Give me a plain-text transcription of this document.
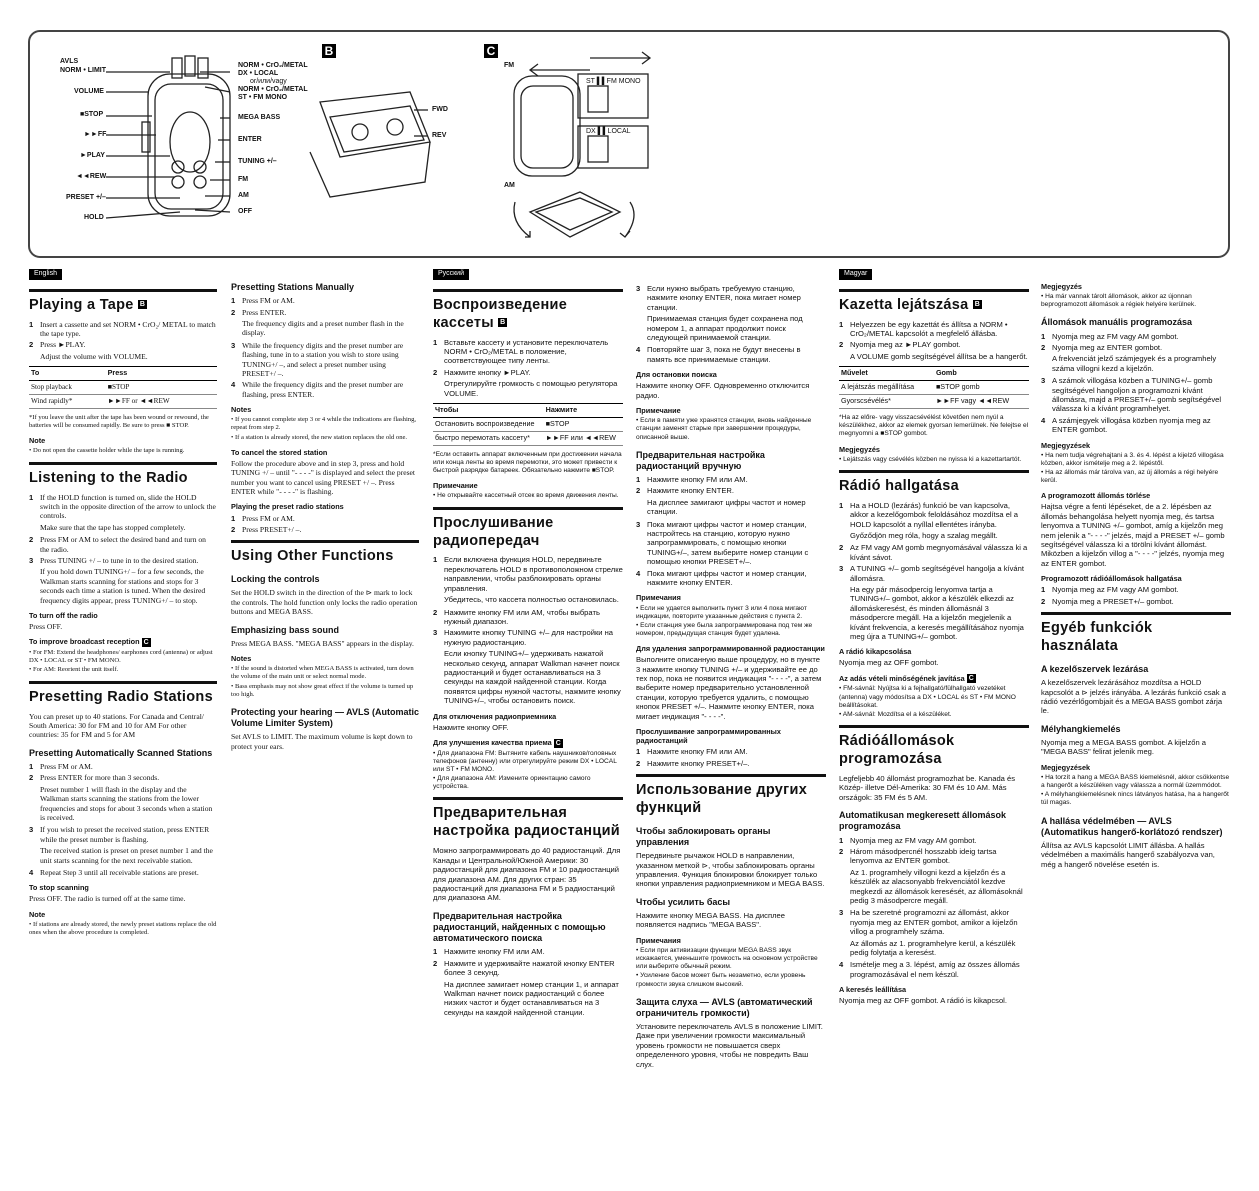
B	C
AVLS
NORM • LIMIT
VOLUME
■STOP
►►FF
►PLAY
◄◄REW
PRESET +/–
HOLD
NORM • CrO₂/METAL
DX • LOCAL
or/или/vagy
NORM • CrO₂/METAL
ST • FM MONO
MEGA BASS
ENTER
TUNING +/–
FM
AM
OFF
FWD
REV
FM
AM
ST ▌▌FM MONO
DX ▌▌LOCAL
English
Playing a Tape B
1 Insert a cassette and set NORM • CrO₂/ METAL to match the tape type.
2 Press ►PLAY.
Adjust the volume with VOLUME.
To	Press
Stop playback	■STOP
Wind rapidly*	►►FF or ◄◄REW
*If you leave the unit after the tape has been wound or rewound, the batteries will be consumed rapidly. Be sure to press ■ STOP.
Note
• Do not open the cassette holder while the tape is running.
Listening to the Radio
1 If the HOLD function is turned on, slide the HOLD switch in the opposite direction of the arrow to unlock the controls.
Make sure that the tape has stopped completely.
2 Press FM or AM to select the desired band and turn on the radio.
3 Press TUNING +/ – to tune in to the desired station.
If you hold down TUNING+/ – for a few seconds, the Walkman starts scanning for stations and stops for 3 seconds each time a station is tuned. When the desired frequency digits appear, press TUNING+/ – to stop.
To turn off the radio
Press OFF.
To improve broadcast reception C
• For FM: Extend the headphones/ earphones cord (antenna) or adjust DX • LOCAL or ST • FM MONO.
• For AM: Reorient the unit itself.
Presetting Radio Stations
You can preset up to 40 stations. For Canada and Central/ South America: 30 for FM and 10 for AM For other countries: 35 for FM and 5 for AM
Presetting Automatically Scanned Stations
1 Press FM or AM.
2 Press ENTER for more than 3 seconds.
Preset number 1 will flash in the display and the Walkman starts scanning the stations from the lower frequencies and stops for about 3 seconds when a station is received.
3 If you wish to preset the received station, press ENTER while the preset number is flashing.
The received station is preset on preset number 1 and the unit starts scanning for the next receivable station.
4 Repeat Step 3 until all receivable stations are preset.
To stop scanning
Press OFF. The radio is turned off at the same time.
Note
• If stations are already stored, the newly preset stations replace the old ones when the above procedure is completed.
Presetting Stations Manually
1 Press FM or AM.
2 Press ENTER.
The frequency digits and a preset number flash in the display.
3 While the frequency digits and the preset number are flashing, tune in to a station you wish to store using TUNING+/ –, and select a preset number using PRESET+/ –.
4 While the frequency digits and the preset number are flashing, press ENTER.
Notes
• If you cannot complete step 3 or 4 while the indications are flashing, repeat from step 2.
• If a station is already stored, the new station replaces the old one.
To cancel the stored station
Follow the procedure above and in step 3, press and hold TUNING +/ – until "- - - -" is displayed and select the preset number you want to cancel using PRESET +/ –. Press ENTER while "- - - -" is flashing.
Playing the preset radio stations
1 Press FM or AM.
2 Press PRESET+/ –.
Using Other Functions
Locking the controls
Set the HOLD switch in the direction of the ⊳ mark to lock the controls. The hold function only locks the radio operation buttons and MEGA BASS.
Emphasizing bass sound
Press MEGA BASS. "MEGA BASS" appears in the display.
Notes
• If the sound is distorted when MEGA BASS is activated, turn down the volume of the main unit or select normal mode.
• Bass emphasis may not show great effect if the volume is turned up too high.
Protecting your hearing — AVLS (Automatic Volume Limiter System)
Set AVLS to LIMIT. The maximum volume is kept down to protect your ears.
Русский
Воспроизведение кассеты B
1 Вставьте кассету и установите переключатель NORM • CrO₂/METAL в положение, соответствующее типу ленты.
2 Нажмите кнопку ►PLAY.
Отрегулируйте громкость с помощью регулятора VOLUME.
Чтобы	Нажмите
Остановить воспроизведение	■STOP
быстро перемотать кассету*	►►FF или ◄◄REW
*Если оставить аппарат включенным при достижении начала или конца ленты во время перемотки, это может привести к быстрой разрядке батареек. Обязательно нажмите ■STOP.
Примечание
• Не открывайте кассетный отсек во время движения ленты.
Прослушивание радиопередач
1 Если включена функция HOLD, передвиньте переключатель HOLD в противоположном стрелке направлении, чтобы разблокировать органы управления.
Убедитесь, что кассета полностью остановилась.
2 Нажмите кнопку FM или AM, чтобы выбрать нужный диапазон.
3 Нажимите кнопку TUNING +/– для настройки на нужную радиостанцию.
Если кнопку TUNING+/– удерживать нажатой несколько секунд, аппарат Walkman начнет поиск радиостанций и будет останавливаться на 3 секунды на каждой найденной станции. Когда появятся цифры нужной частоты, нажмите кнопку TUNING+/–, чтобы остановить поиск.
Для отключения радиоприемника
Нажмите кнопку OFF.
Для улучшения качества приема C
• Для диапазона FM: Вытяните кабель наушников/головных телефонов (антенну) или отрегулируйте режим DX • LOCAL или ST • FM MONO.
• Для диапазона AM: Измените ориентацию самого устройства.
Предварительная настройка радиостанций
Можно запрограммировать до 40 радиостанций. Для Канады и Центральной/Южной Америки: 30 радиостанций для диапазона FM и 10 радиостанций для диапазона AM. Для других стран: 35 радиостанций для диапазона FM и 5 радиостанций для диапазона AM.
Предварительная настройка радиостанций, найденных с помощью автоматического поиска
1 Нажмите кнопку FM или AM.
2 Нажмите и удерживайте нажатой кнопку ENTER более 3 секунд.
На дисплее замигает номер станции 1, и аппарат Walkman начнет поиск радиостанций с более низких частот и будет останавливаться на 3 секунды на каждой найденной станции.
3 Если нужно выбрать требуемую станцию, нажмите кнопку ENTER, пока мигает номер станции.
Принимаемая станция будет сохранена под номером 1, а аппарат продолжит поиск следующей принимаемой станции.
4 Повторяйте шаг 3, пока не будут внесены в память все принимаемые станции.
Для остановки поиска
Нажмите кнопку OFF. Одновременно отключится радио.
Примечание
• Если в памяти уже хранятся станции, вновь найденные станции заменят старые при завершении процедуры, описанной выше.
Предварительная настройка радиостанций вручную
1 Нажмите кнопку FM или AM.
2 Нажмите кнопку ENTER.
На дисплее замигают цифры частот и номер станции.
3 Пока мигают цифры частот и номер станции, настройтесь на станцию, которую нужно запрограммировать, с помощью кнопки TUNING+/–, затем выберите номер станции с помощью кнопки PRESET+/–.
4 Пока мигают цифры частот и номер станции, нажмите кнопку ENTER.
Примечания
• Если не удается выполнить пункт 3 или 4 пока мигают индикации, повторите указанные действия с пункта 2.
• Если станция уже была запрограммирована под тем же номером, предыдущая станция будет удалена.
Для удаления запрограммированной радиостанции
Выполните описанную выше процедуру, но в пункте 3 нажмите кнопку TUNING +/– и удерживайте ее до тех пор, пока не появится индикация "- - - -", а затем выберите номер предварительно установленной станции, которую требуется удалить, с помощью кнопок PRESET +/–. Нажмите кнопку ENTER, пока мигает индикация "- - - -".
Прослушивание запрограммированных радиостанций
1 Нажмите кнопку FM или AM.
2 Нажмите кнопку PRESET+/–.
Использование других функций
Чтобы заблокировать органы управления
Передвиньте рычажок HOLD в направлении, указанном меткой ⊳, чтобы заблокировать органы управления. Функция блокировки блокирует только кнопки управления радиоприемником и MEGA BASS.
Чтобы усилить басы
Нажмите кнопку MEGA BASS. На дисплее появляется надпись "MEGA BASS".
Примечания
• Если при активизации функции MEGA BASS звук искажается, уменьшите громкость на основном устройстве или выберите обычный режим.
• Усиление басов может быть незаметно, если уровень громкости звука слишком высокий.
Защита слуха — AVLS (автоматический ограничитель громкости)
Установите переключатель AVLS в положение LIMIT. Даже при увеличении громкости максимальный уровень громкости не повышается сверх определенного уровня, чтобы не повредить Ваш слух.
Magyar
Kazetta lejátszása B
1 Helyezzen be egy kazettát és állítsa a NORM • CrO₂/METAL kapcsolót a megfelelő állásba.
2 Nyomja meg az ►PLAY gombot.
A VOLUME gomb segítségével állítsa be a hangerőt.
Művelet	Gomb
A lejátszás megállítása	■STOP gomb
Gyorscsévélés*	►►FF vagy ◄◄REW
*Ha az előre- vagy visszacsévélést követően nem nyúl a készülékhez, akkor az elemek gyorsan lemerülnek. Ne felejtse el megnyomni a ■STOP gombot.
Megjegyzés
• Lejátszás vagy csévélés közben ne nyissa ki a kazettartartót.
Rádió hallgatása
1 Ha a HOLD (lezárás) funkció be van kapcsolva, akkor a kezelőgombok feloldásához mozdítsa el a HOLD kapcsolót a nyíllal ellentétes irányba.
Győződjön meg róla, hogy a szalag megállt.
2 Az FM vagy AM gomb megnyomásával válassza ki a kívánt sávot.
3 A TUNING +/– gomb segítségével hangolja a kívánt állomásra.
Ha egy pár másodpercig lenyomva tartja a TUNING+/– gombot, akkor a készülék elkezdi az állomáskeresést, és minden állomásnál 3 másodpercre megáll. Ha a kijelzőn megjelenik a kívánt frekvencia, a keresés megállításához nyomja meg újra a TUNING+/– gombot.
A rádió kikapcsolása
Nyomja meg az OFF gombot.
Az adás vételi minőségének javítása C
• FM-sávnál: Nyújtsa ki a fejhallgató/fülhallgató vezetéket (antenna) vagy módosítsa a DX • LOCAL és ST • FM MONO beállításokat.
• AM-sávnál: Mozdítsa el a készüléket.
Rádióállomások programozása
Legfeljebb 40 állomást programozhat be. Kanada és Közép- illetve Dél-Amerika: 30 FM és 10 AM. Más országok: 35 FM és 5 AM.
Automatikusan megkeresett állomások programozása
1 Nyomja meg az FM vagy AM gombot.
2 Három másodpercnél hosszabb ideig tartsa lenyomva az ENTER gombot.
Az 1. programhely villogni kezd a kijelzőn és a készülék az alacsonyabb frekvenciától kezdve megkezdi az állomások keresését, az állomásoknál pedig 3 másodpercre megáll.
3 Ha be szeretné programozni az állomást, akkor nyomja meg az ENTER gombot, amikor a kijelzőn villog a programhely száma.
Az állomás az 1. programhelyre kerül, a készülék pedig folytatja a keresést.
4 Ismételje meg a 3. lépést, amíg az összes állomás programozásával el nem készül.
A keresés leállítása
Nyomja meg az OFF gombot. A rádió is kikapcsol.
Megjegyzés
• Ha már vannak tárolt állomások, akkor az újonnan beprogramozott állomások a régiek helyére kerülnek.
Állomások manuális programozása
1 Nyomja meg az FM vagy AM gombot.
2 Nyomja meg az ENTER gombot.
A frekvenciát jelző számjegyek és a programhely száma villogni kezd a kijelzőn.
3 A számok villogása közben a TUNING+/– gomb segítségével hangoljon a programozni kívánt állomásra, majd a PRESET+/– gomb segítségével válassza ki a kívánt programhelyet.
4 A számjegyek villogása közben nyomja meg az ENTER gombot.
Megjegyzések
• Ha nem tudja végrehajtani a 3. és 4. lépést a kijelző villogása közben, akkor ismételje meg a 2. lépéstől.
• Ha az állomás már tárolva van, az új állomás a régi helyére kerül.
A programozott állomás törlése
Hajtsa végre a fenti lépéseket, de a 2. lépésben az állomás behangolása helyett nyomja meg, és tartsa lenyomva a TUNING +/– gombot, amíg a kijelzőn meg nem jelenik a "- - - -" jelzés, majd a PRESET +/– gomb segítségével válassza ki a törölni kívánt állomást. Miközben a kijelzőn villog a "- - - -" jelzés, nyomja meg az ENTER gombot.
Programozott rádióállomások hallgatása
1 Nyomja meg az FM vagy AM gombot.
2 Nyomja meg a PRESET+/– gombot.
Egyéb funkciók használata
A kezelőszervek lezárása
A kezelőszervek lezárásához mozdítsa a HOLD kapcsolót a ⊳ jelzés irányába. A lezárás funkció csak a rádió vezérlőgombjait és a MEGA BASS gombot zárja le.
Mélyhangkiemelés
Nyomja meg a MEGA BASS gombot. A kijelzőn a "MEGA BASS" felirat jelenik meg.
Megjegyzések
• Ha torzít a hang a MEGA BASS kiemelésnél, akkor csökkentse a hangerőt a készüléken vagy válassza a normál üzemmódot.
• A mélyhangkiemelésnek nincs látványos hatása, ha a hangerőt túl magas.
A hallása védelmében — AVLS (Automatikus hangerő-korlátozó rendszer)
Állítsa az AVLS kapcsolót LIMIT állásba. A hallás védelmében a maximális hangerő szabályozva van, még a hangerő növelése esetén is.
